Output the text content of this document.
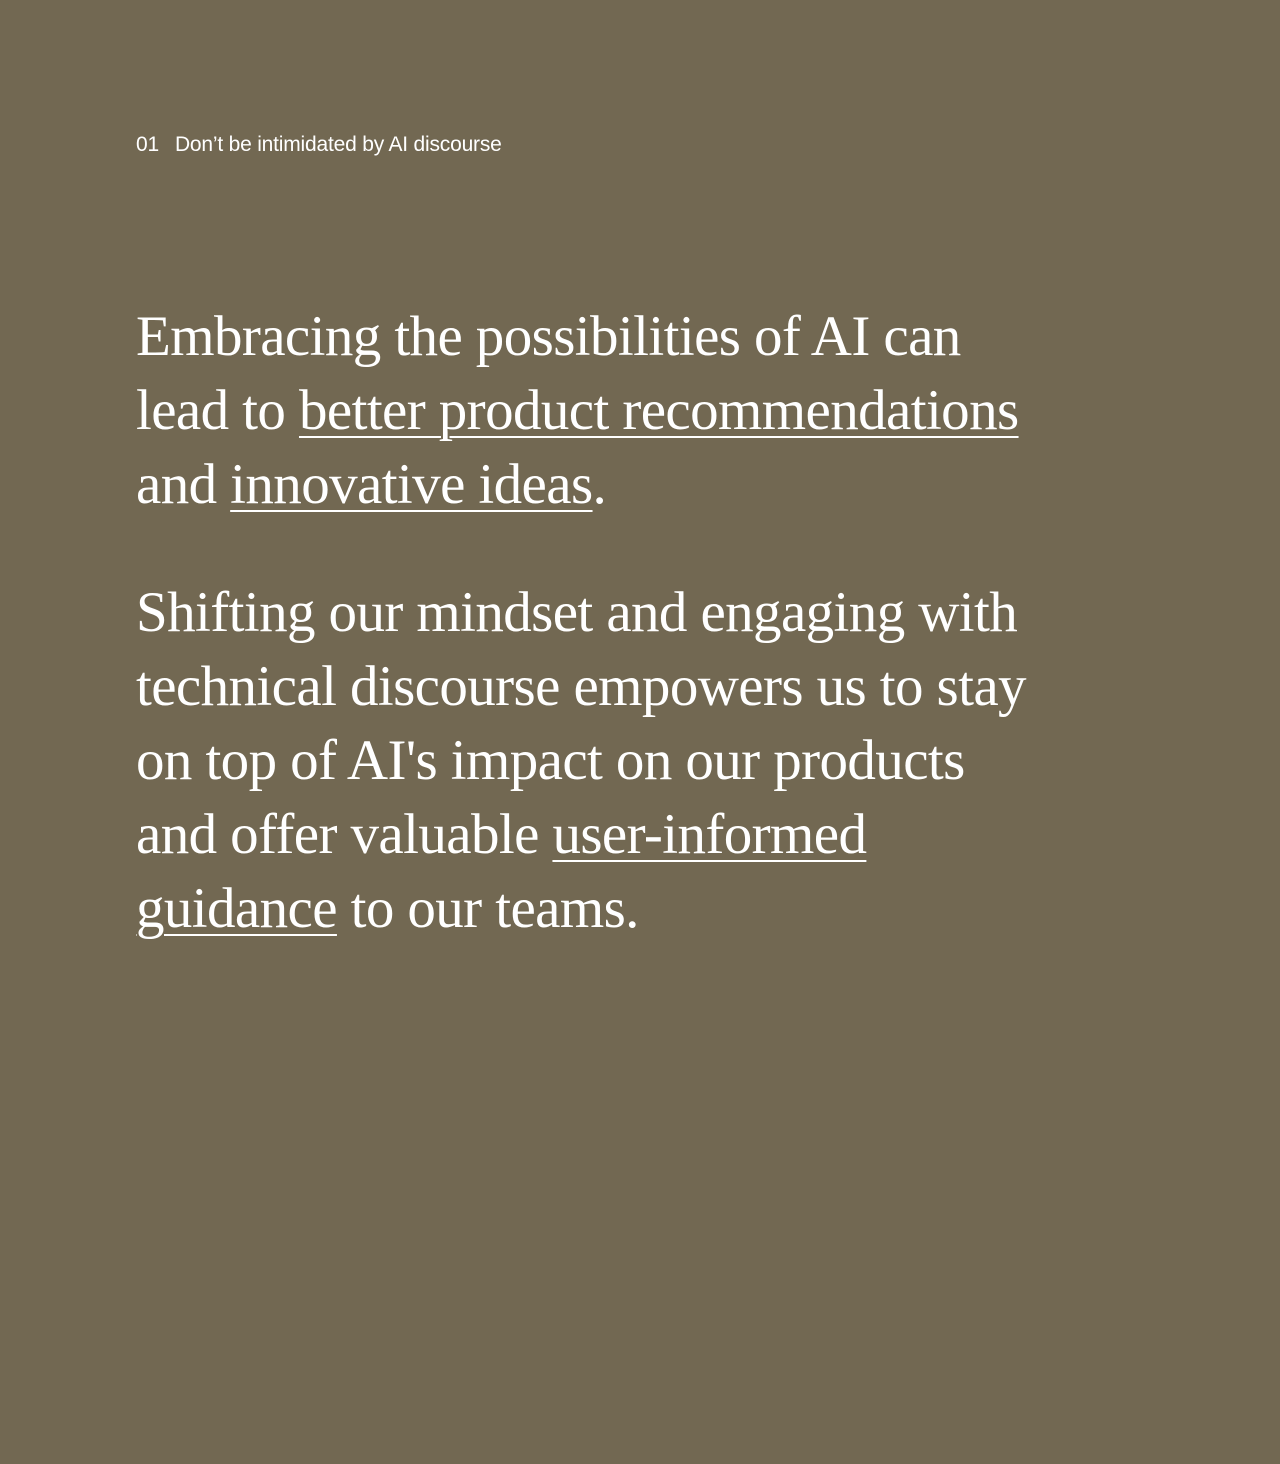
01 Don’t be intimidated by AI discourse

Embracing the possibilities of AI can lead to better product recommendations and innovative ideas.

Shifting our mindset and engaging with technical discourse empowers us to stay on top of AI's impact on our products and offer valuable user-informed guidance to our teams.
